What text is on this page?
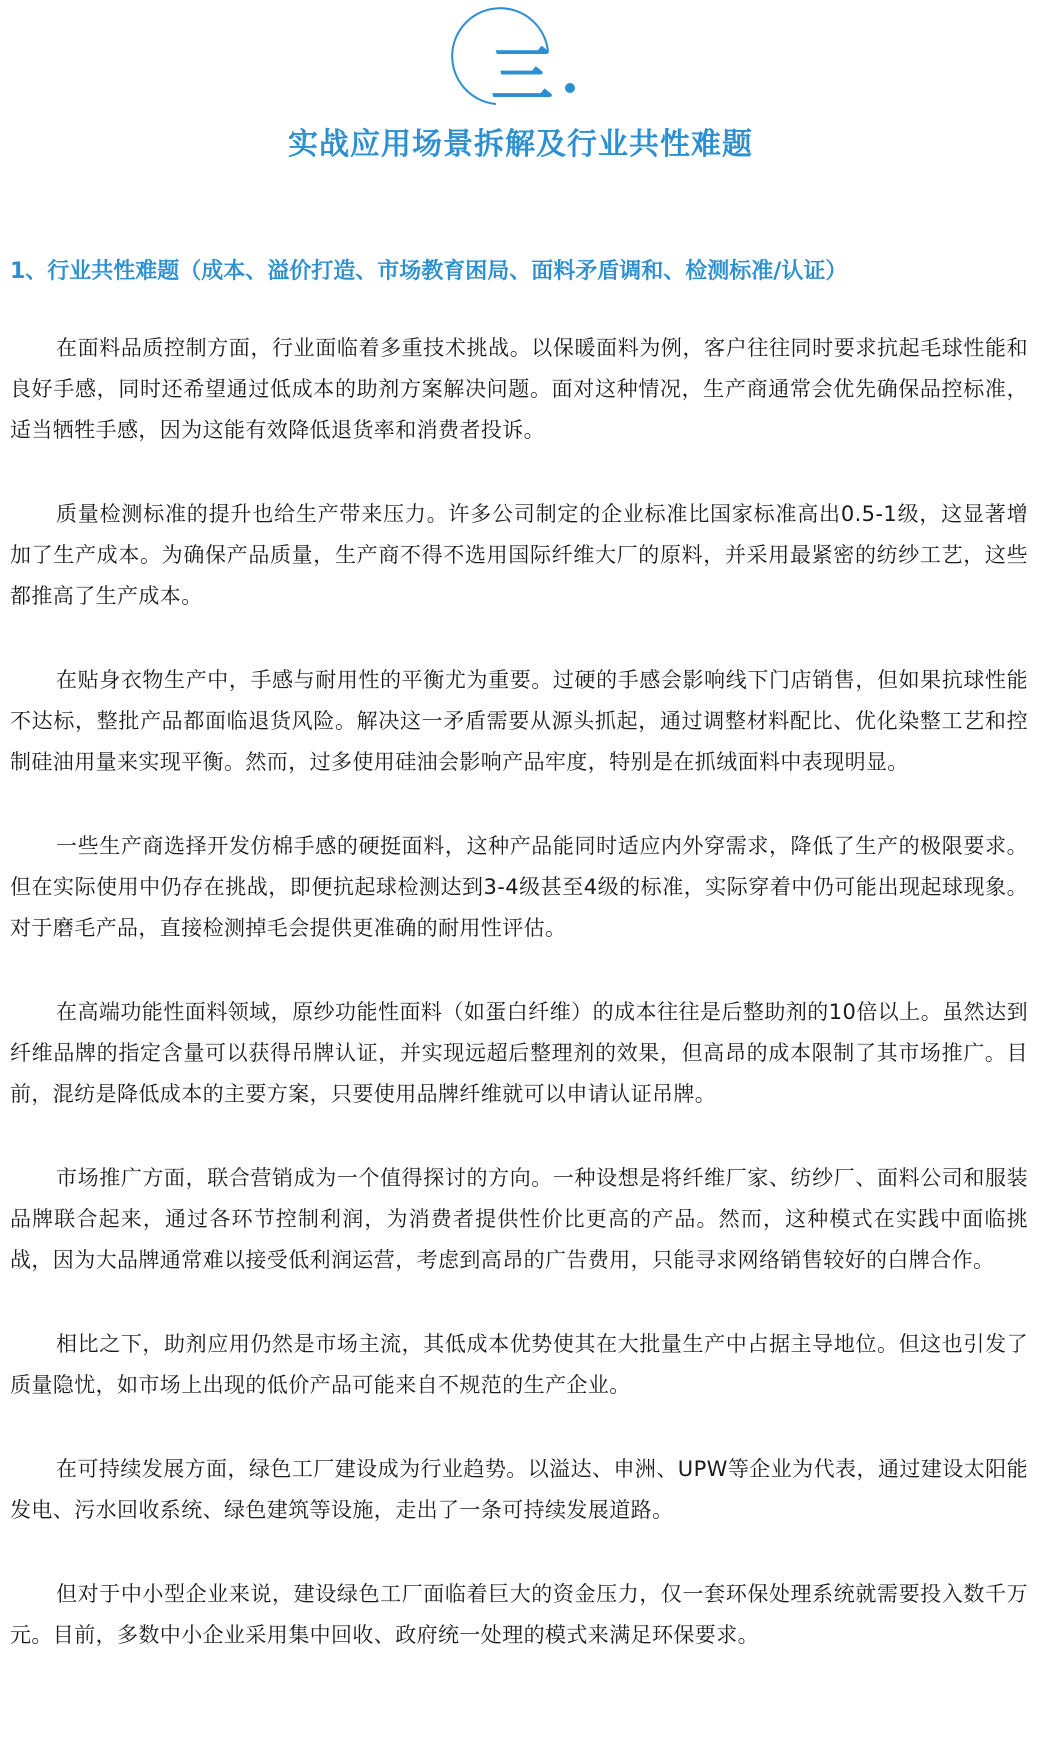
三
实战应用场景拆解及行业共性难题
1、行业共性难题（成本、溢价打造、市场教育困局、面料矛盾调和、检测标准/认证）

在面料品质控制方面，行业面临着多重技术挑战。以保暖面料为例，客户往往同时要求抗起毛球性能和良好手感，同时还希望通过低成本的助剂方案解决问题。面对这种情况，生产商通常会优先确保品控标准，适当牺牲手感，因为这能有效降低退货率和消费者投诉。

质量检测标准的提升也给生产带来压力。许多公司制定的企业标准比国家标准高出0.5-1级，这显著增加了生产成本。为确保产品质量，生产商不得不选用国际纤维大厂的原料，并采用最紧密的纺纱工艺，这些都推高了生产成本。

在贴身衣物生产中，手感与耐用性的平衡尤为重要。过硬的手感会影响线下门店销售，但如果抗球性能不达标，整批产品都面临退货风险。解决这一矛盾需要从源头抓起，通过调整材料配比、优化染整工艺和控制硅油用量来实现平衡。然而，过多使用硅油会影响产品牢度，特别是在抓绒面料中表现明显。

一些生产商选择开发仿棉手感的硬挺面料，这种产品能同时适应内外穿需求，降低了生产的极限要求。但在实际使用中仍存在挑战，即便抗起球检测达到3-4级甚至4级的标准，实际穿着中仍可能出现起球现象。对于磨毛产品，直接检测掉毛会提供更准确的耐用性评估。

在高端功能性面料领域，原纱功能性面料（如蛋白纤维）的成本往往是后整助剂的10倍以上。虽然达到纤维品牌的指定含量可以获得吊牌认证，并实现远超后整理剂的效果，但高昂的成本限制了其市场推广。目前，混纺是降低成本的主要方案，只要使用品牌纤维就可以申请认证吊牌。

市场推广方面，联合营销成为一个值得探讨的方向。一种设想是将纤维厂家、纺纱厂、面料公司和服装品牌联合起来，通过各环节控制利润，为消费者提供性价比更高的产品。然而，这种模式在实践中面临挑战，因为大品牌通常难以接受低利润运营，考虑到高昂的广告费用，只能寻求网络销售较好的白牌合作。

相比之下，助剂应用仍然是市场主流，其低成本优势使其在大批量生产中占据主导地位。但这也引发了质量隐忧，如市场上出现的低价产品可能来自不规范的生产企业。

在可持续发展方面，绿色工厂建设成为行业趋势。以溢达、申洲、UPW等企业为代表，通过建设太阳能发电、污水回收系统、绿色建筑等设施，走出了一条可持续发展道路。

但对于中小型企业来说，建设绿色工厂面临着巨大的资金压力，仅一套环保处理系统就需要投入数千万元。目前，多数中小企业采用集中回收、政府统一处理的模式来满足环保要求。
